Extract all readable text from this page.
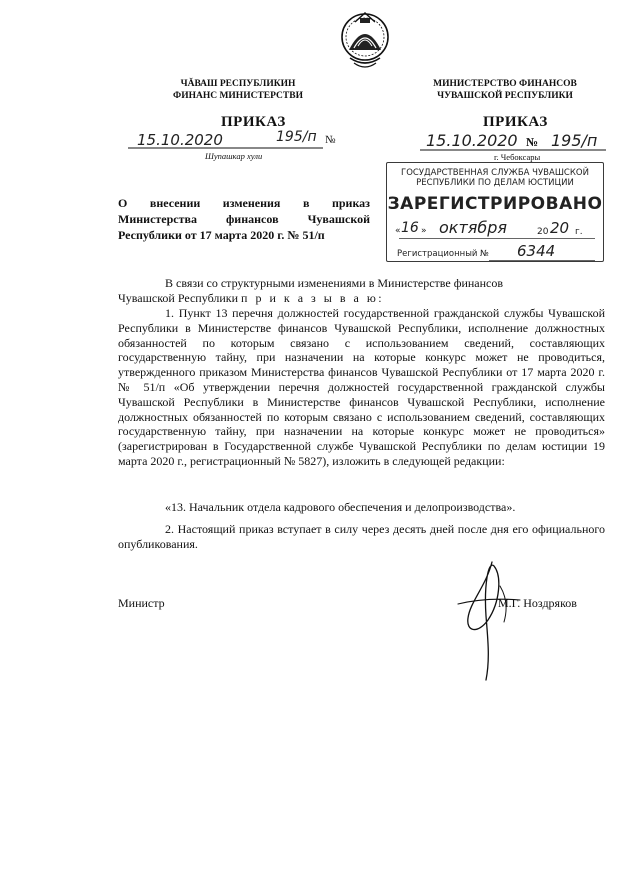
ЧĂВАШ РЕСПУБЛИКИН
ФИНАНС МИНИСТЕРСТВИ
МИНИСТЕРСТВО ФИНАНСОВ
ЧУВАШСКОЙ РЕСПУБЛИКИ
ПРИКАЗ	ПРИКАЗ
15.10.2020	195/п №
Шупашкар хули
15.10.2020 № 195/п
г. Чебоксары
ГОСУДАРСТВЕННАЯ СЛУЖБА ЧУВАШСКОЙ
РЕСПУБЛИКИ ПО ДЕЛАМ ЮСТИЦИИ
ЗАРЕГИСТРИРОВАНО
« 16 » октября	20 20 г.
Регистрационный № 6344
О внесении изменения в приказ Министерства финансов Чувашской Республики от 17 марта 2020 г. № 51/п
В связи со структурными изменениями в Министерстве финансов
Чувашской Республики п р и к а з ы в а ю:
1. Пункт 13 перечня должностей государственной гражданской службы Чувашской Республики в Министерстве финансов Чувашской Республики, исполнение должностных обязанностей по которым связано с использованием сведений, составляющих государственную тайну, при назначении на которые конкурс может не проводиться, утвержденного приказом Министерства финансов Чувашской Республики от 17 марта 2020 г. № 51/п «Об утверждении перечня должностей государственной гражданской службы Чувашской Республики в Министерстве финансов Чувашской Республики, исполнение должностных обязанностей по которым связано с использованием сведений, составляющих государственную тайну, при назначении на которые конкурс может не проводиться» (зарегистрирован в Государственной службе Чувашской Республики по делам юстиции 19 марта 2020 г., регистрационный № 5827), изложить в следующей редакции:
«13. Начальник отдела кадрового обеспечения и делопроизводства».
2. Настоящий приказ вступает в силу через десять дней после дня его официального опубликования.
Министр	М.Г. Ноздряков
